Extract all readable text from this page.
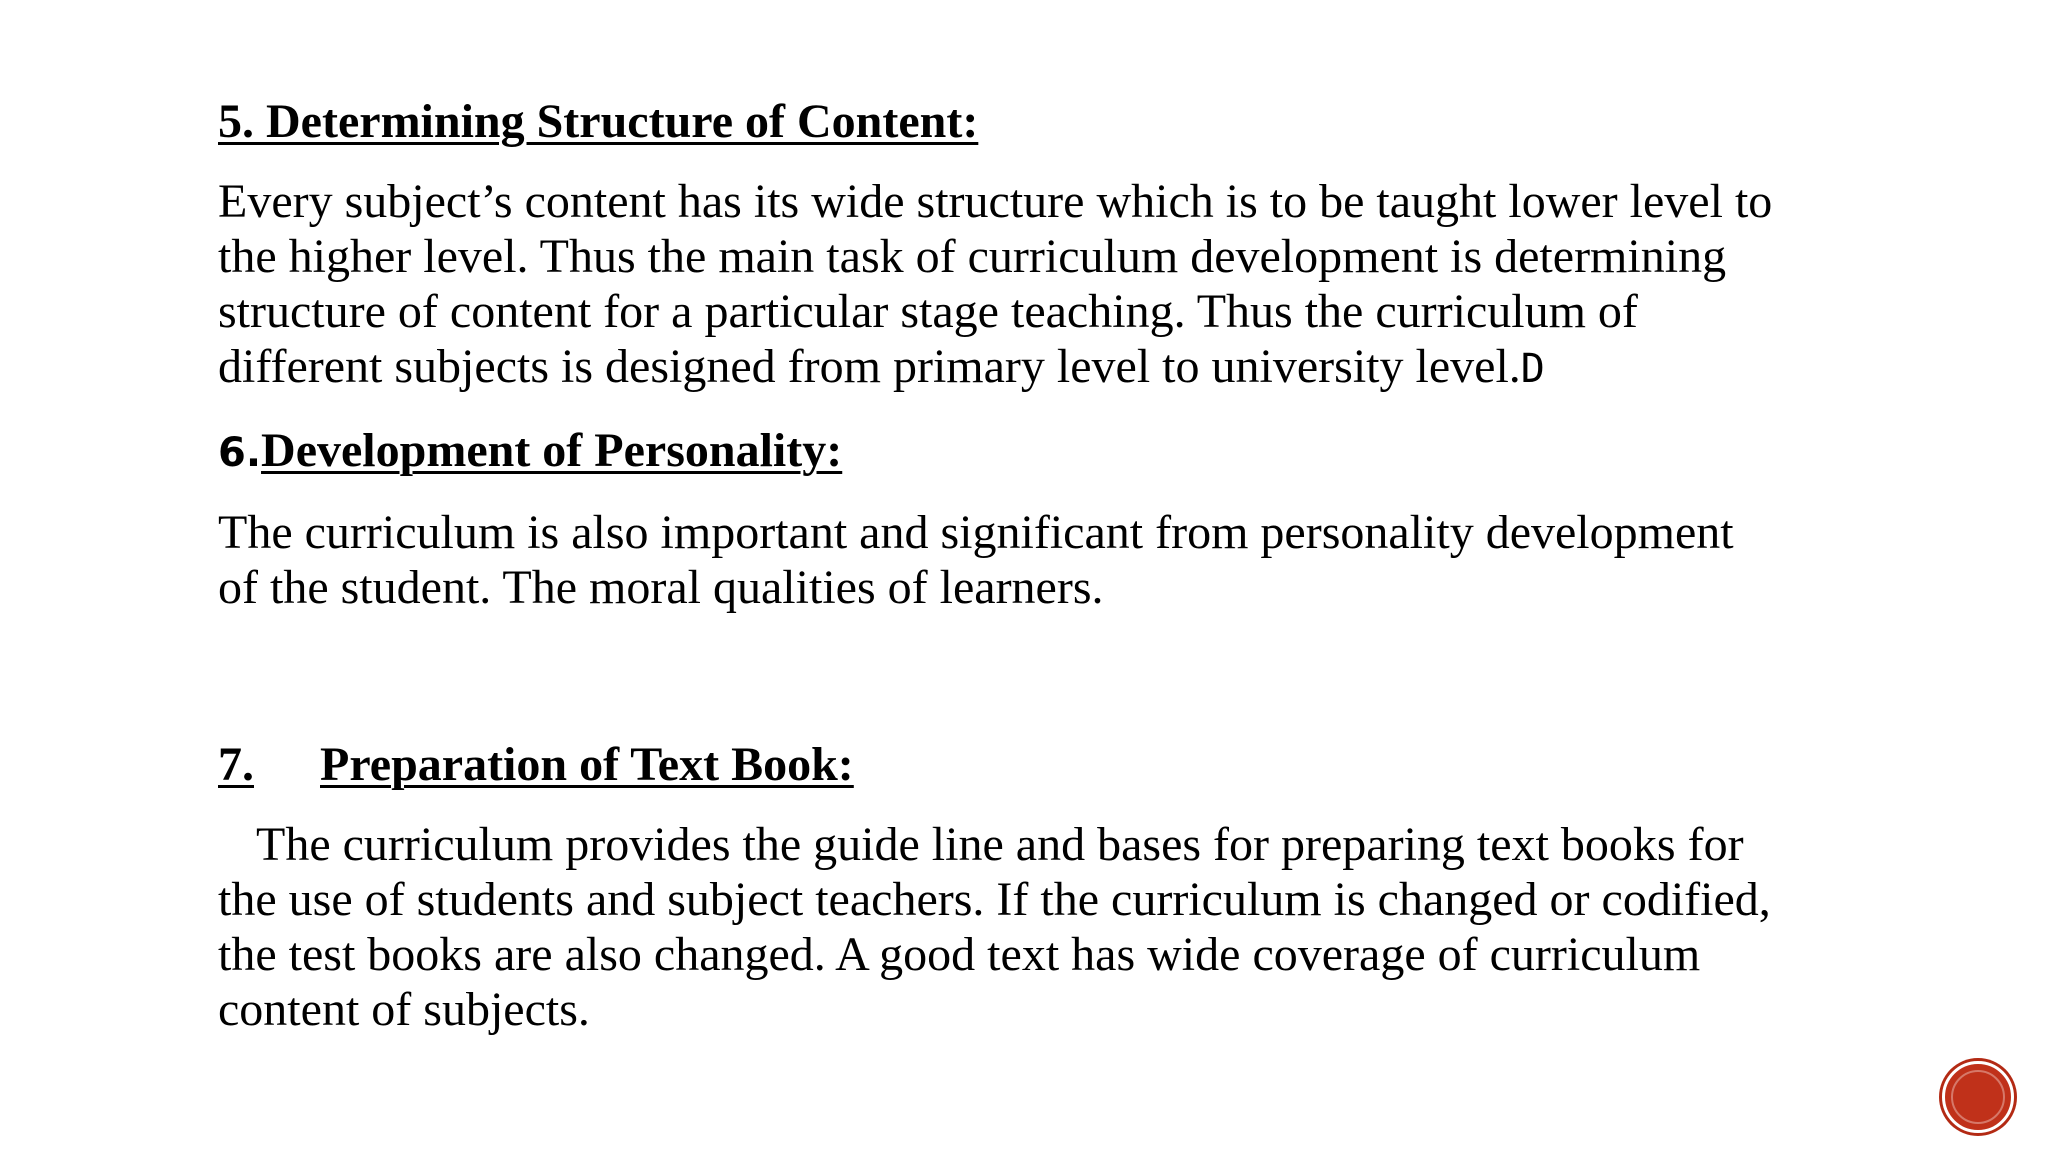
5. Determining Structure of Content:

Every subject’s content has its wide structure which is to be taught lower level to
the higher level. Thus the main task of curriculum development is determining
structure of content for a particular stage teaching. Thus the curriculum of
different subjects is designed from primary level to university level.D

6.Development of Personality:

The curriculum is also important and significant from personality development
of the student. The moral qualities of learners.

7. Preparation of Text Book:

The curriculum provides the guide line and bases for preparing text books for
the use of students and subject teachers. If the curriculum is changed or codified,
the test books are also changed. A good text has wide coverage of curriculum
content of subjects.
